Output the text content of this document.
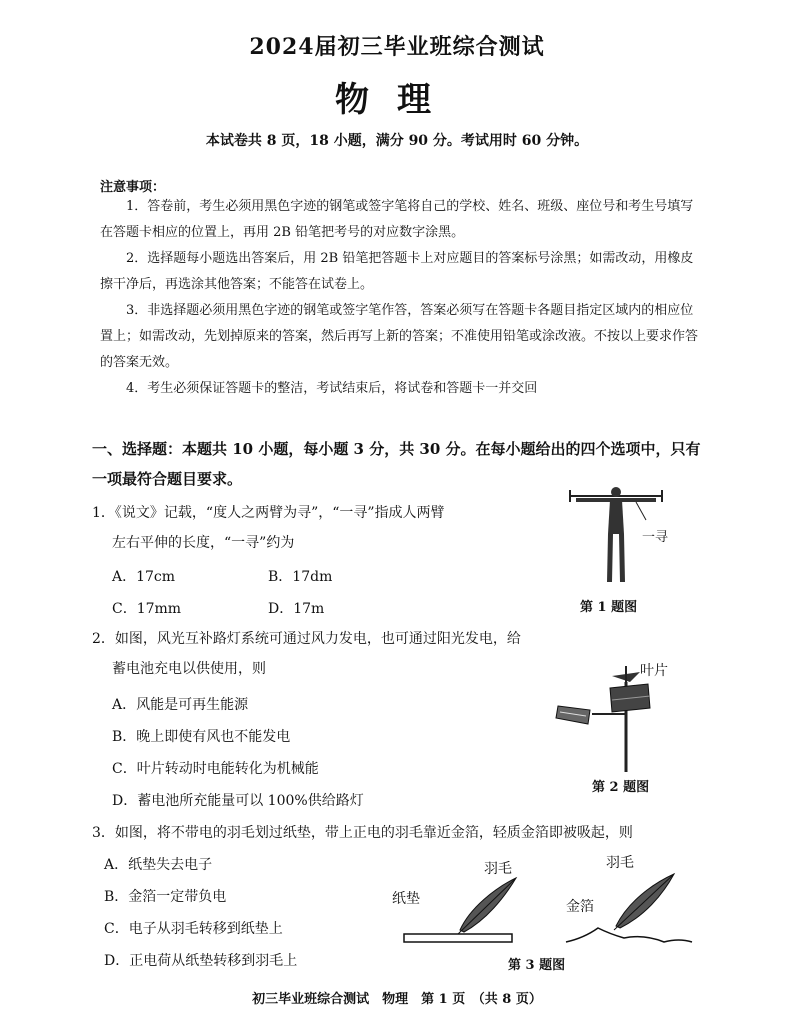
2024届初三毕业班综合测试
物理
本试卷共 8 页，18 小题，满分 90 分。考试用时 60 分钟。
注意事项：
1．答卷前，考生必须用黑色字迹的钢笔或签字笔将自己的学校、姓名、班级、座位号和考生号填写在答题卡相应的位置上，再用 2B 铅笔把考号的对应数字涂黑。
2．选择题每小题选出答案后，用 2B 铅笔把答题卡上对应题目的答案标号涂黑；如需改动，用橡皮擦干净后，再选涂其他答案；不能答在试卷上。
3．非选择题必须用黑色字迹的钢笔或签字笔作答，答案必须写在答题卡各题目指定区域内的相应位置上；如需改动，先划掉原来的答案，然后再写上新的答案；不准使用铅笔或涂改液。不按以上要求作答的答案无效。
4．考生必须保证答题卡的整洁，考试结束后，将试卷和答题卡一并交回
一、选择题：本题共 10 小题，每小题 3 分，共 30 分。在每小题给出的四个选项中，只有一项最符合题目要求。
1．《说文》记载，“度人之两臂为寻”，“一寻”指成人两臂
左右平伸的长度，“一寻”约为
A．17cm	B．17dm
C．17mm	D．17m
一寻
第 1 题图
2．如图，风光互补路灯系统可通过风力发电，也可通过阳光发电，给
蓄电池充电以供使用，则
A．风能是可再生能源
B．晚上即使有风也不能发电
C．叶片转动时电能转化为机械能
D．蓄电池所充能量可以 100%供给路灯
叶片
第 2 题图
3．如图，将不带电的羽毛划过纸垫，带上正电的羽毛靠近金箔，轻质金箔即被吸起，则
A．纸垫失去电子
B．金箔一定带负电
C．电子从羽毛转移到纸垫上
D．正电荷从纸垫转移到羽毛上
羽毛
纸垫
羽毛
金箔
第 3 题图
初三毕业班综合测试　物理　第 1 页　（共 8 页）
